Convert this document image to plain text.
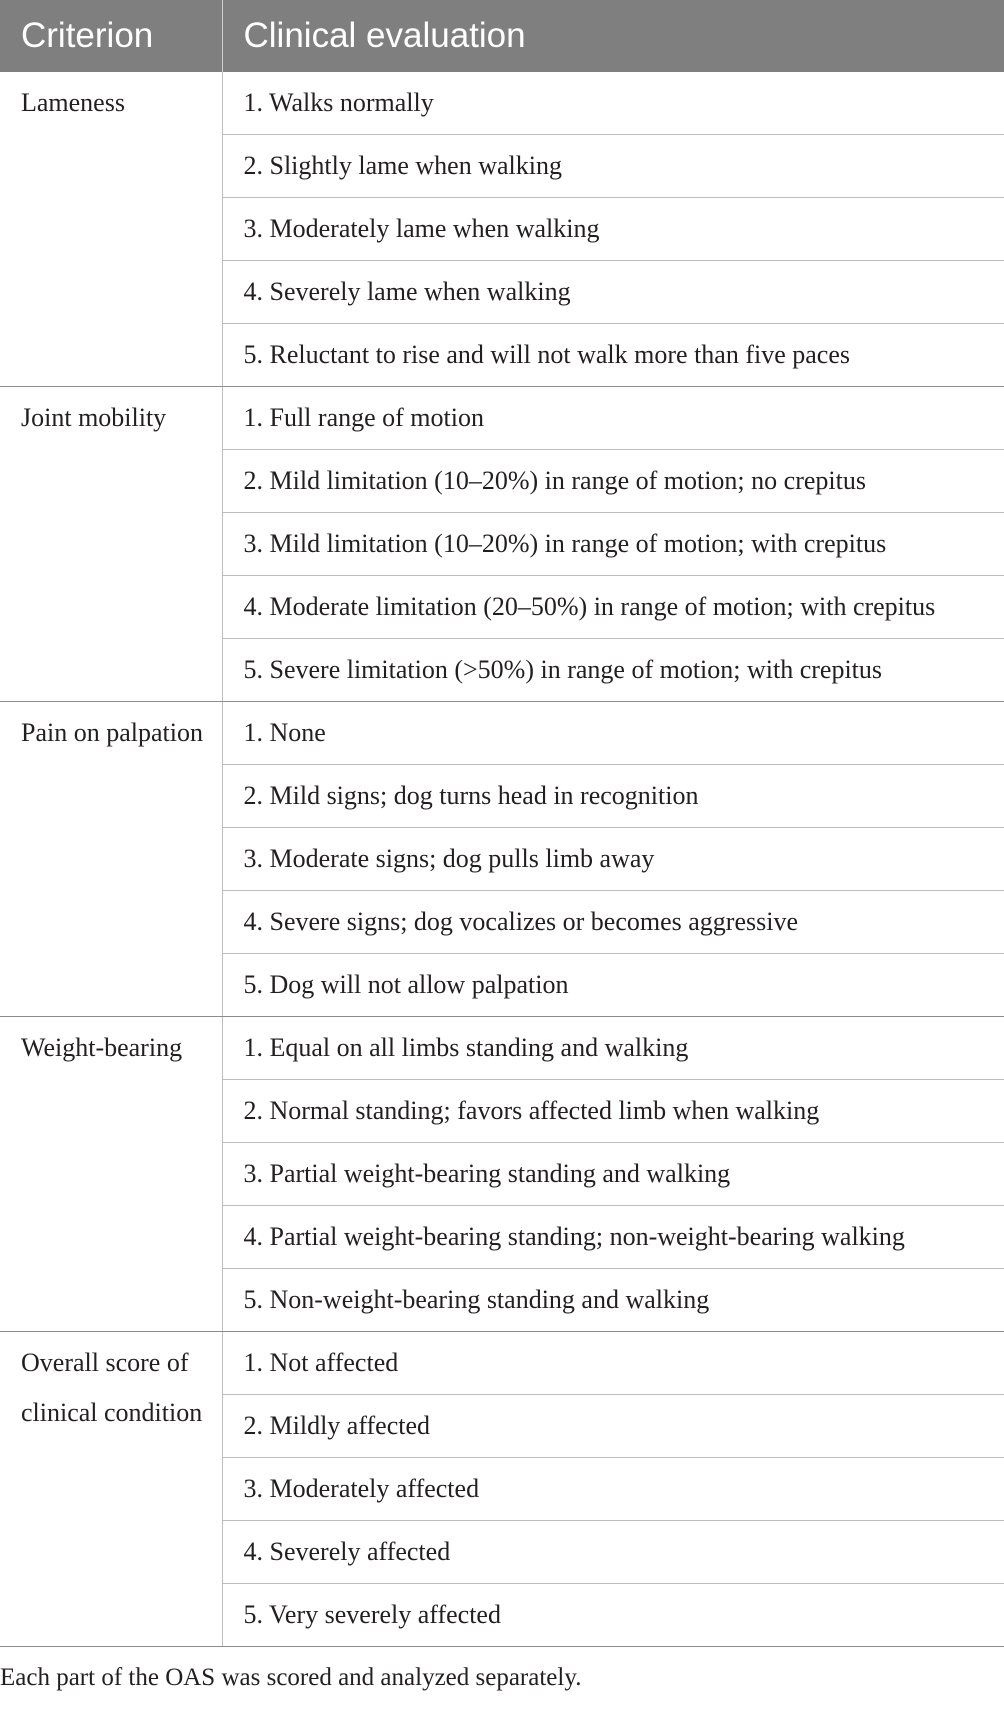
Criterion	Clinical evaluation
Lameness	1. Walks normally
	2. Slightly lame when walking
	3. Moderately lame when walking
	4. Severely lame when walking
	5. Reluctant to rise and will not walk more than five paces
Joint mobility	1. Full range of motion
	2. Mild limitation (10–20%) in range of motion; no crepitus
	3. Mild limitation (10–20%) in range of motion; with crepitus
	4. Moderate limitation (20–50%) in range of motion; with crepitus
	5. Severe limitation (>50%) in range of motion; with crepitus
Pain on palpation	1. None
	2. Mild signs; dog turns head in recognition
	3. Moderate signs; dog pulls limb away
	4. Severe signs; dog vocalizes or becomes aggressive
	5. Dog will not allow palpation
Weight-bearing	1. Equal on all limbs standing and walking
	2. Normal standing; favors affected limb when walking
	3. Partial weight-bearing standing and walking
	4. Partial weight-bearing standing; non-weight-bearing walking
	5. Non-weight-bearing standing and walking
Overall score of clinical condition	1. Not affected
	2. Mildly affected
	3. Moderately affected
	4. Severely affected
	5. Very severely affected
Each part of the OAS was scored and analyzed separately.
